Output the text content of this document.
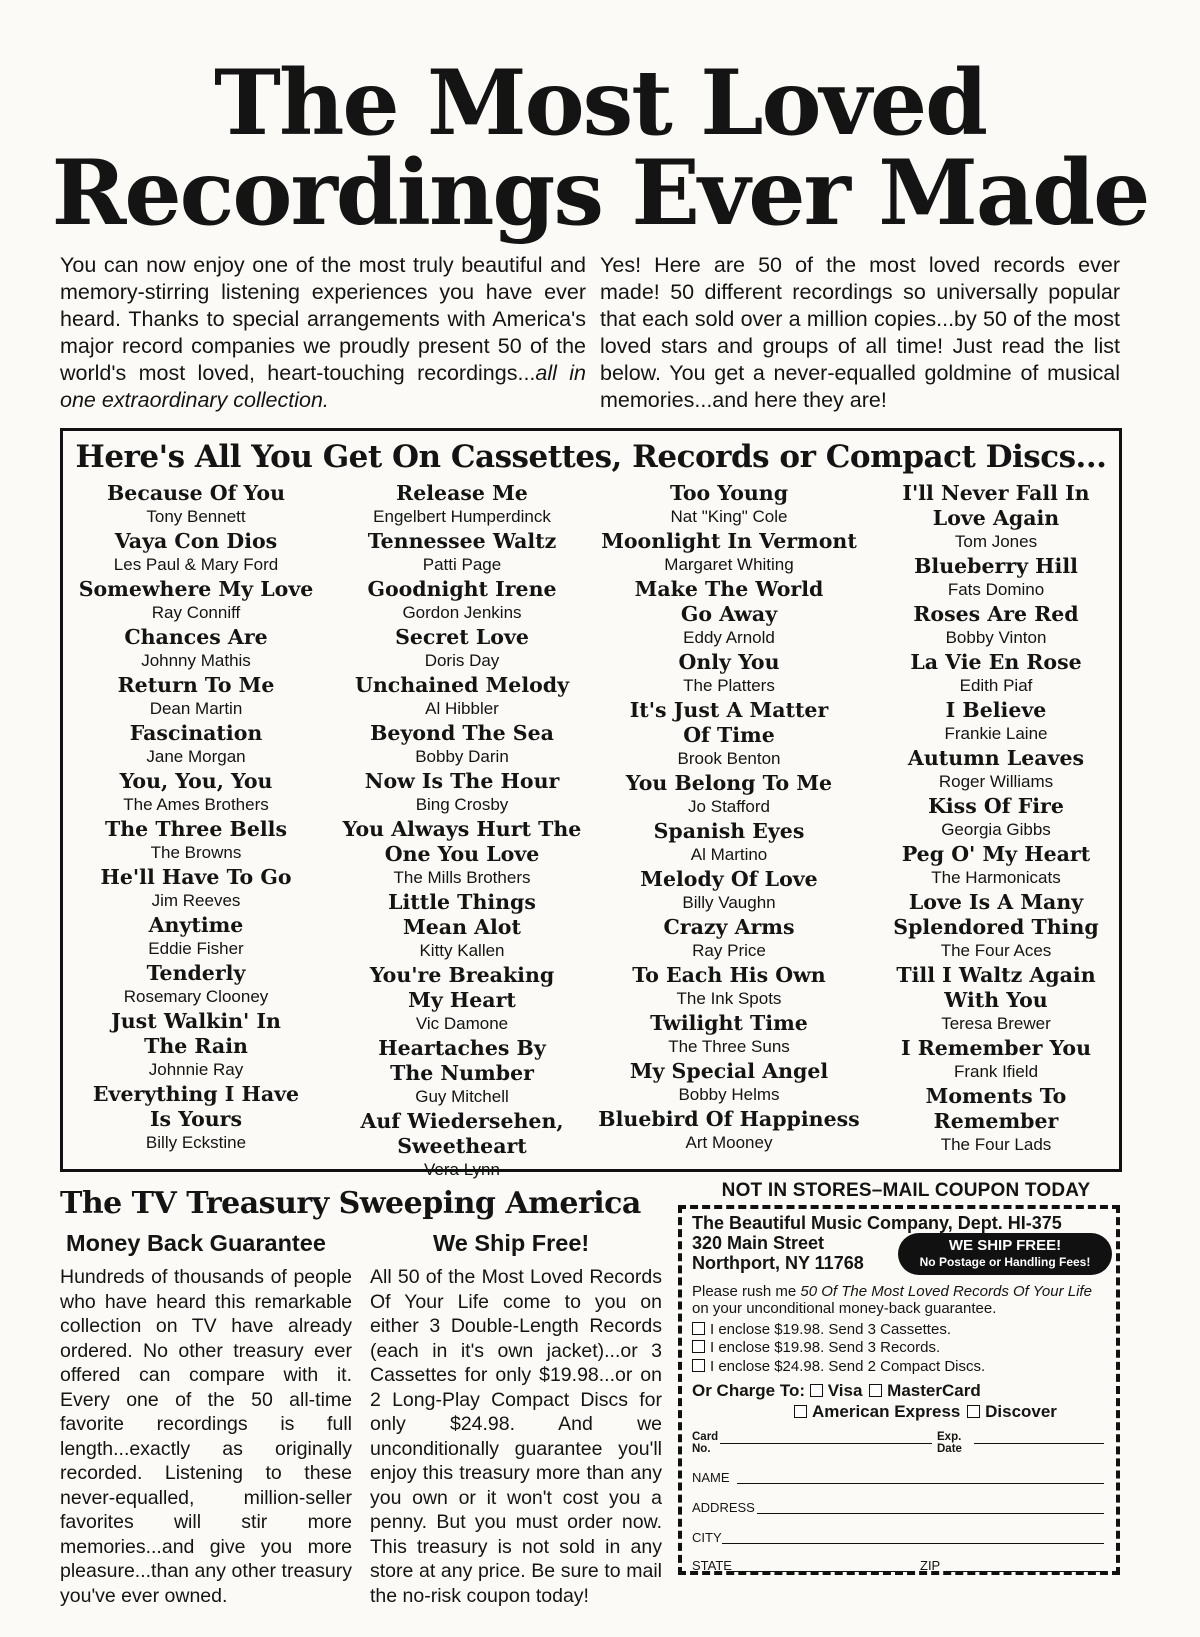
The Most Loved
Recordings Ever Made
You can now enjoy one of the most truly beautiful and memory-stirring listening experiences you have ever heard. Thanks to special arrangements with America's major record companies we proudly present 50 of the world's most loved, heart-touching recordings...all in one extraordinary collection.
Yes! Here are 50 of the most loved records ever made! 50 different recordings so universally popular that each sold over a million copies...by 50 of the most loved stars and groups of all time! Just read the list below. You get a never-equalled goldmine of musical memories...and here they are!
Here's All You Get On Cassettes, Records or Compact Discs...
Because Of You
Tony Bennett
Vaya Con Dios
Les Paul & Mary Ford
Somewhere My Love
Ray Conniff
Chances Are
Johnny Mathis
Return To Me
Dean Martin
Fascination
Jane Morgan
You, You, You
The Ames Brothers
The Three Bells
The Browns
He'll Have To Go
Jim Reeves
Anytime
Eddie Fisher
Tenderly
Rosemary Clooney
Just Walkin' In
The Rain
Johnnie Ray
Everything I Have
Is Yours
Billy Eckstine
Release Me
Engelbert Humperdinck
Tennessee Waltz
Patti Page
Goodnight Irene
Gordon Jenkins
Secret Love
Doris Day
Unchained Melody
Al Hibbler
Beyond The Sea
Bobby Darin
Now Is The Hour
Bing Crosby
You Always Hurt The
One You Love
The Mills Brothers
Little Things
Mean Alot
Kitty Kallen
You're Breaking
My Heart
Vic Damone
Heartaches By
The Number
Guy Mitchell
Auf Wiedersehen,
Sweetheart
Vera Lynn
Too Young
Nat "King" Cole
Moonlight In Vermont
Margaret Whiting
Make The World
Go Away
Eddy Arnold
Only You
The Platters
It's Just A Matter
Of Time
Brook Benton
You Belong To Me
Jo Stafford
Spanish Eyes
Al Martino
Melody Of Love
Billy Vaughn
Crazy Arms
Ray Price
To Each His Own
The Ink Spots
Twilight Time
The Three Suns
My Special Angel
Bobby Helms
Bluebird Of Happiness
Art Mooney
I'll Never Fall In
Love Again
Tom Jones
Blueberry Hill
Fats Domino
Roses Are Red
Bobby Vinton
La Vie En Rose
Edith Piaf
I Believe
Frankie Laine
Autumn Leaves
Roger Williams
Kiss Of Fire
Georgia Gibbs
Peg O' My Heart
The Harmonicats
Love Is A Many
Splendored Thing
The Four Aces
Till I Waltz Again
With You
Teresa Brewer
I Remember You
Frank Ifield
Moments To
Remember
The Four Lads
The TV Treasury Sweeping America
Money Back Guarantee
Hundreds of thousands of people who have heard this remarkable collection on TV have already ordered. No other treasury ever offered can compare with it. Every one of the 50 all-time favorite recordings is full length...exactly as originally recorded. Listening to these never-equalled, million-seller favorites will stir more memories...and give you more pleasure...than any other treasury you've ever owned.
We Ship Free!
All 50 of the Most Loved Records Of Your Life come to you on either 3 Double-Length Records (each in it's own jacket)...or 3 Cassettes for only $19.98...or on 2 Long-Play Compact Discs for only $24.98. And we unconditionally guarantee you'll enjoy this treasury more than any you own or it won't cost you a penny. But you must order now. This treasury is not sold in any store at any price. Be sure to mail the no-risk coupon today!
NOT IN STORES–MAIL COUPON TODAY
The Beautiful Music Company, Dept. HI-375
320 Main Street
Northport, NY 11768
WE SHIP FREE!
No Postage or Handling Fees!
Please rush me 50 Of The Most Loved Records Of Your Life on your unconditional money-back guarantee.
I enclose $19.98. Send 3 Cassettes.
I enclose $19.98. Send 3 Records.
I enclose $24.98. Send 2 Compact Discs.
Or Charge To: Visa MasterCard
American Express Discover
Card
No.
Exp.
Date
NAME
ADDRESS
CITY
STATE	ZIP
